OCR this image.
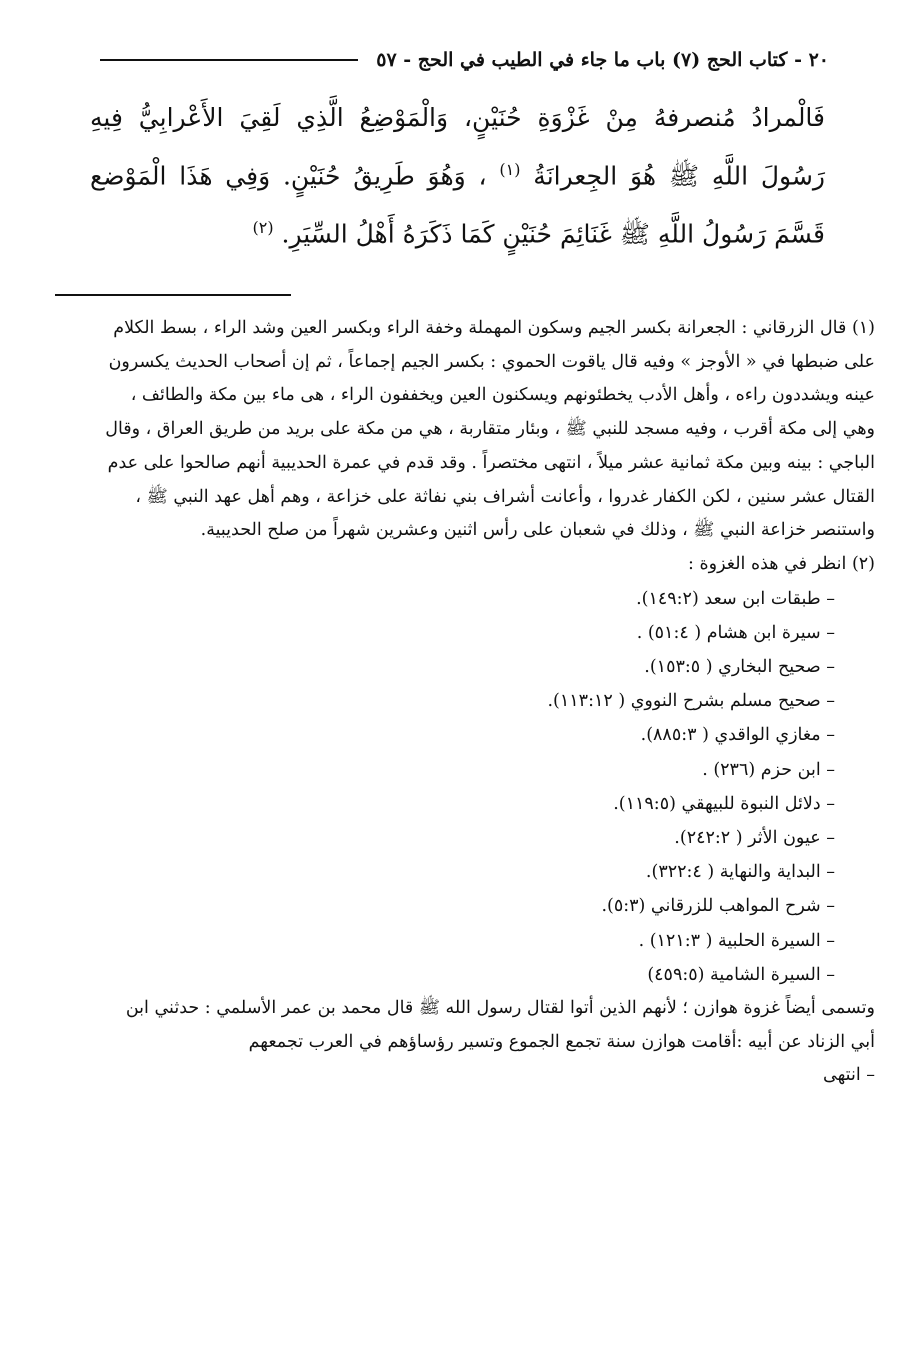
٢٠ - كتاب الحج (٧) باب ما جاء في الطيب في الحج - ٥٧
فَالْمرادُ مُنصرفهُ مِنْ غَزْوَةِ حُنَيْنٍ، وَالْمَوْضِعُ الَّذِي لَقِيَ الأَعْرابِيُّ فِيهِ رَسُولَ اللَّهِ ﷺ هُوَ الجِعرانَةُ $^{(١)}$ ، وَهُوَ طَرِيقُ حُنَيْنٍ. وَفِي هَذَا الْمَوْضع قَسَّمَ رَسُولُ اللَّهِ ﷺ غَنَائِمَ حُنَيْنٍ كَمَا ذَكَرَهُ أَهْلُ السِّيَرِ. $^{(٢)}$

(١) قال الزرقاني : الجعرانة بكسر الجيم وسكون المهملة وخفة الراء وبكسر العين وشد الراء ، بسط الكلام على ضبطها في « الأوجز » وفيه قال ياقوت الحموي : بكسر الجيم إجماعاً ، ثم إن أصحاب الحديث يكسرون عينه ويشددون راءه ، وأهل الأدب يخطئونهم ويسكنون العين ويخففون الراء ، هى ماء بين مكة والطائف ، وهي إلى مكة أقرب ، وفيه مسجد للنبي ﷺ ، وبئار متقاربة ، هي من مكة على بريد من طريق العراق ، وقال الباجي : بينه وبين مكة ثمانية عشر ميلاً ، انتهى مختصراً . وقد قدم في عمرة الحديبية أنهم صالحوا على عدم القتال عشر سنين ، لكن الكفار غدروا ، وأعانت أشراف بني نفاثة على خزاعة ، وهم أهل عهد النبي ﷺ ، واستنصر خزاعة النبي ﷺ ، وذلك في شعبان على رأس اثنين وعشرين شهراً من صلح الحديبية.

(٢) انظر في هذه الغزوة :

– طبقات ابن سعد (١٤٩:٢).
– سيرة ابن هشام ( ٥١:٤) .
– صحيح البخاري ( ١٥٣:٥).
– صحيح مسلم بشرح النووي ( ١١٣:١٢).
– مغازي الواقدي ( ٨٨٥:٣).
– ابن حزم (٢٣٦) .
– دلائل النبوة للبيهقي (١١٩:٥).
– عيون الأثر ( ٢٤٢:٢).
– البداية والنهاية ( ٣٢٢:٤).
– شرح المواهب للزرقاني (٥:٣).
– السيرة الحلبية ( ١٢١:٣) .
– السيرة الشامية (٤٥٩:٥)

وتسمى أيضاً غزوة هوازن ؛ لأنهم الذين أتوا لقتال رسول الله ﷺ قال محمد بن عمر الأسلمي : حدثني ابن أبي الزناد عن أبيه :أقامت هوازن سنة تجمع الجموع وتسير رؤساؤهم في العرب تجمعهم

– انتهى
